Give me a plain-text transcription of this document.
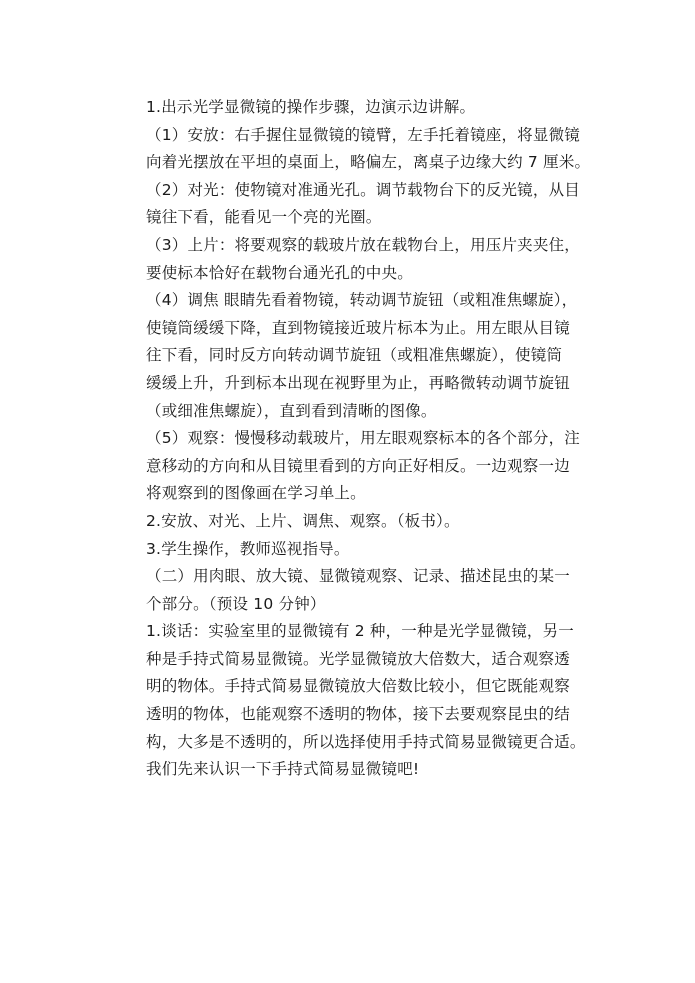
1.出示光学显微镜的操作步骤，边演示边讲解。
（1）安放：右手握住显微镜的镜臂，左手托着镜座，将显微镜
向着光摆放在平坦的桌面上，略偏左，离桌子边缘大约 7 厘米。
（2）对光：使物镜对准通光孔。调节载物台下的反光镜，从目
镜往下看，能看见一个亮的光圈。
（3）上片：将要观察的载玻片放在载物台上，用压片夹夹住，
要使标本恰好在载物台通光孔的中央。
（4）调焦 眼睛先看着物镜，转动调节旋钮（或粗准焦螺旋），
使镜筒缓缓下降，直到物镜接近玻片标本为止。用左眼从目镜
往下看，同时反方向转动调节旋钮（或粗准焦螺旋），使镜筒
缓缓上升，升到标本出现在视野里为止，再略微转动调节旋钮
（或细准焦螺旋），直到看到清晰的图像。
（5）观察：慢慢移动载玻片，用左眼观察标本的各个部分，注
意移动的方向和从目镜里看到的方向正好相反。一边观察一边
将观察到的图像画在学习单上。
2.安放、对光、上片、调焦、观察。（板书）。
3.学生操作，教师巡视指导。
（二）用肉眼、放大镜、显微镜观察、记录、描述昆虫的某一
个部分。（预设 10 分钟）
1.谈话：实验室里的显微镜有 2 种，一种是光学显微镜，另一
种是手持式简易显微镜。光学显微镜放大倍数大，适合观察透
明的物体。手持式简易显微镜放大倍数比较小，但它既能观察
透明的物体，也能观察不透明的物体，接下去要观察昆虫的结
构，大多是不透明的，所以选择使用手持式简易显微镜更合适。
我们先来认识一下手持式简易显微镜吧!
